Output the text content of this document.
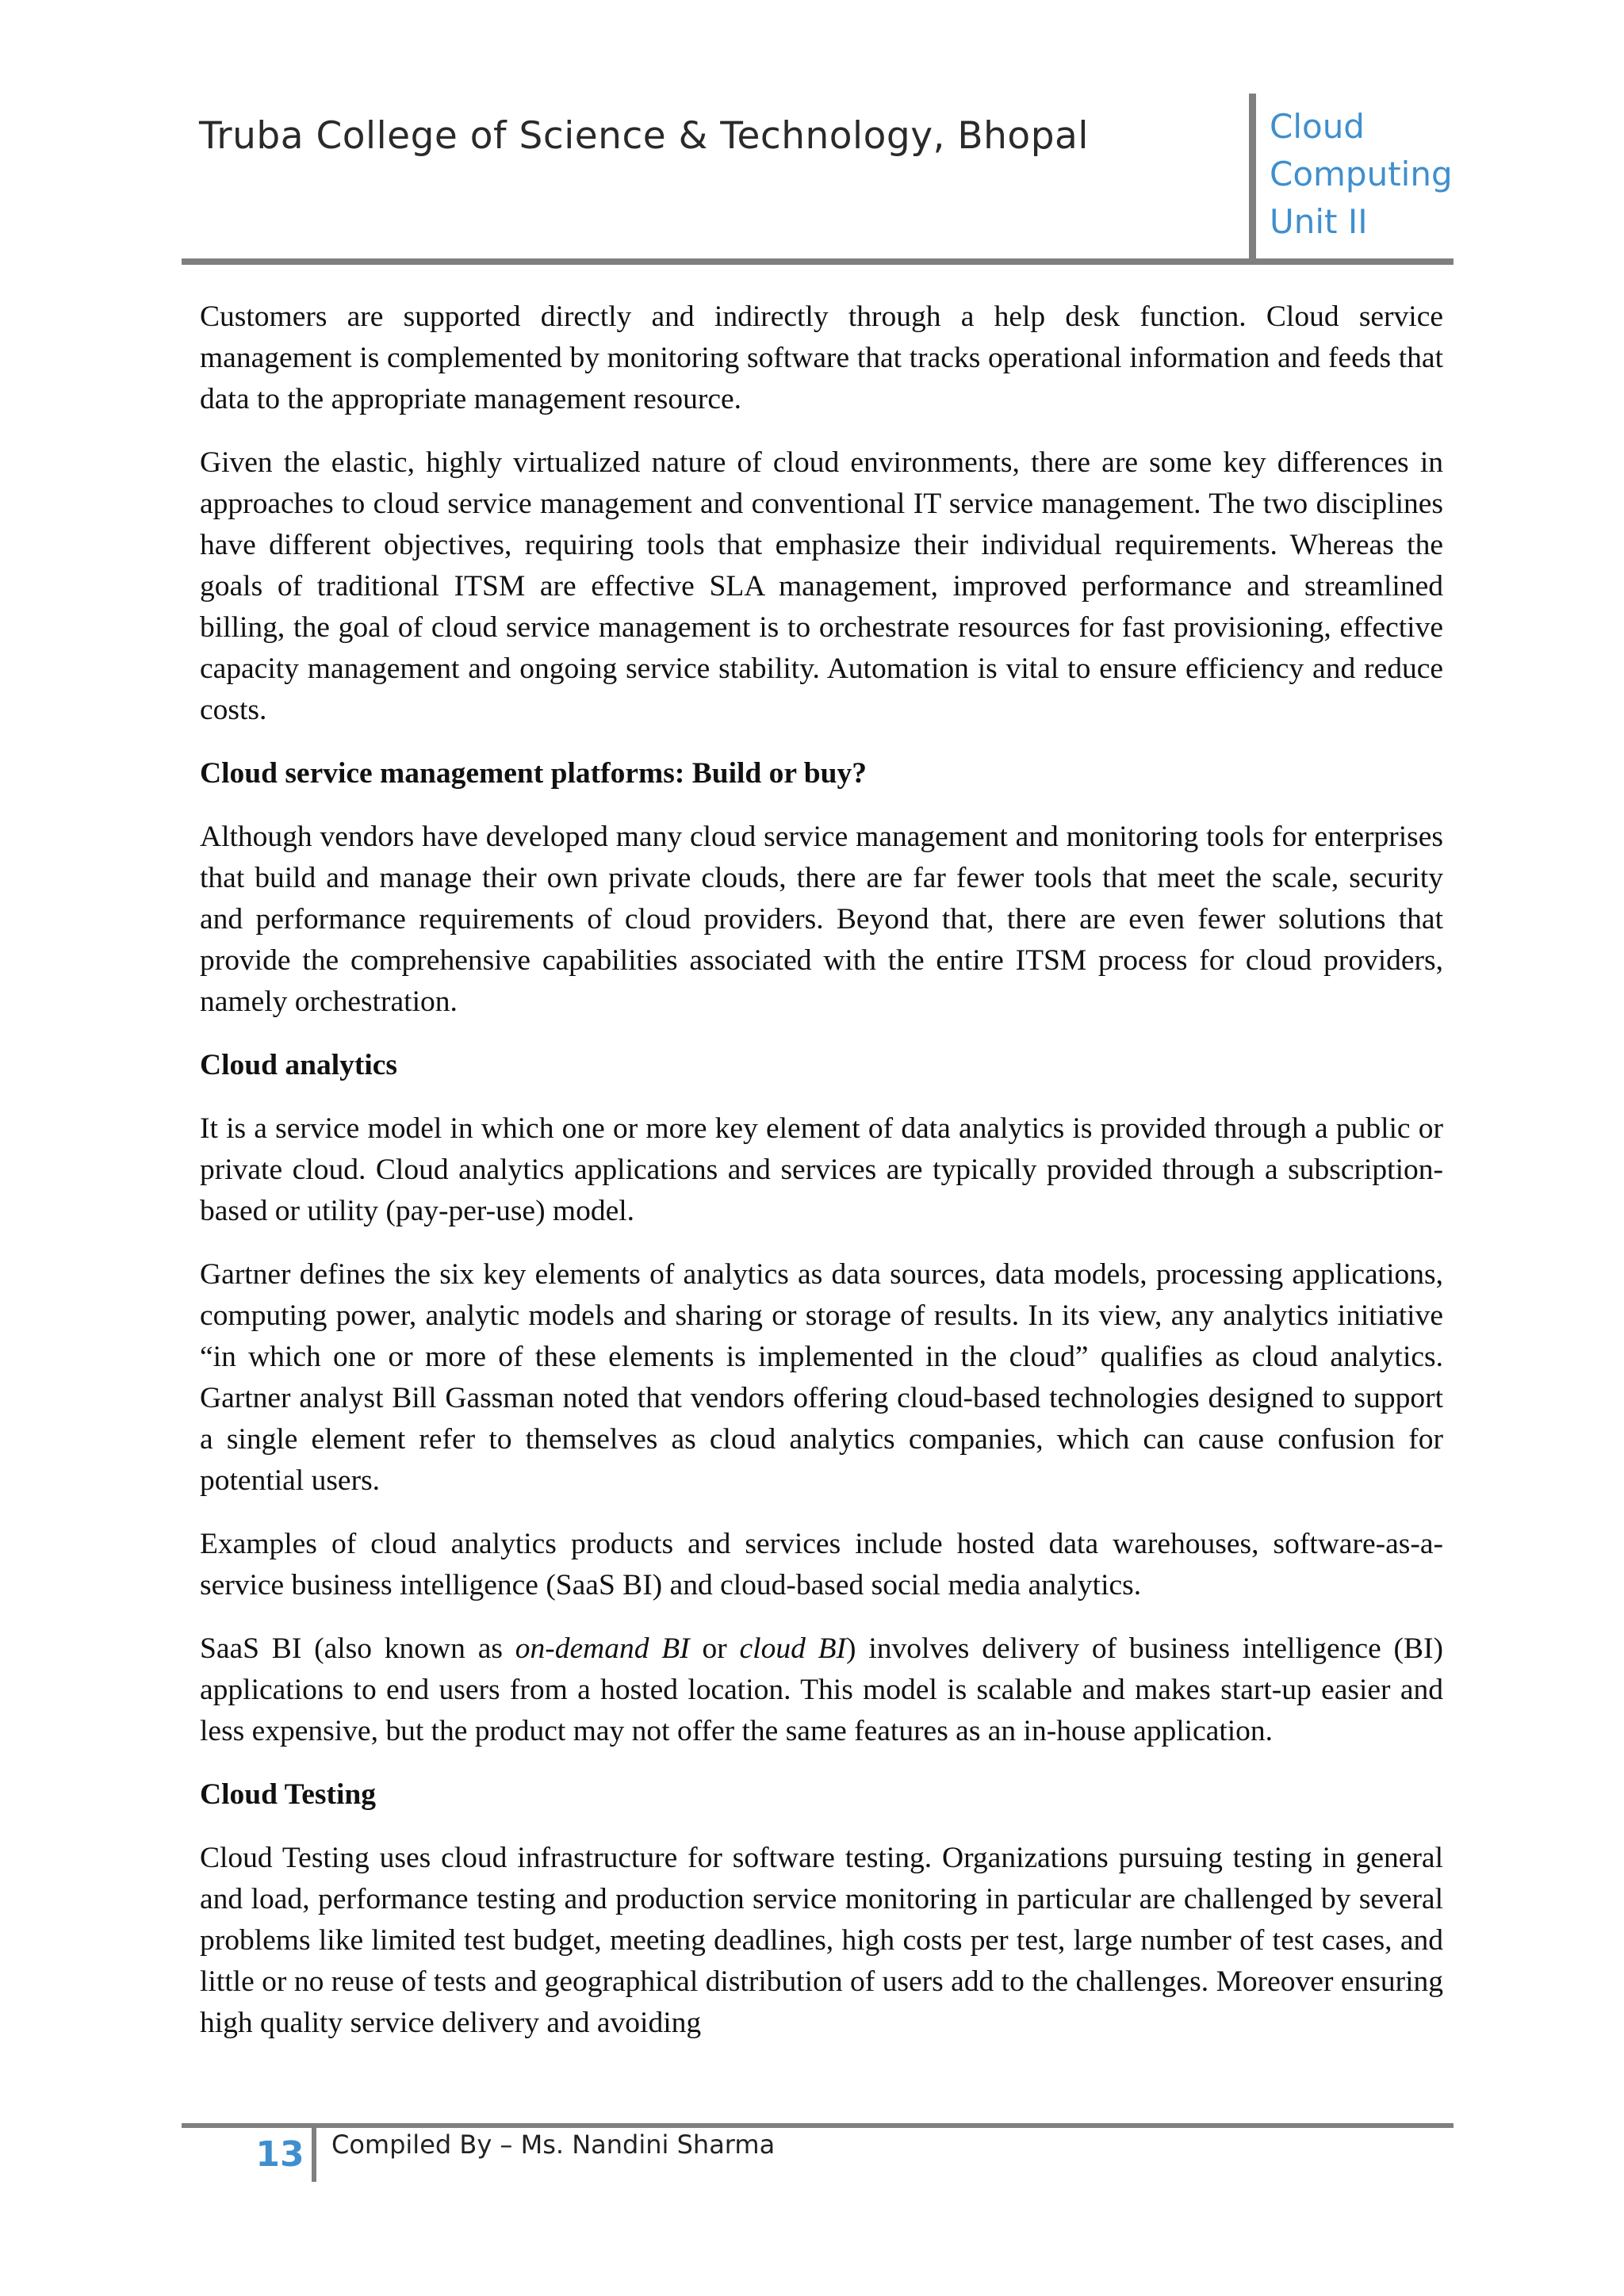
Truba College of Science & Technology, Bhopal	Cloud
Computing
Unit II

Customers are supported directly and indirectly through a help desk function. Cloud service management is complemented by monitoring software that tracks operational information and feeds that data to the appropriate management resource.

Given the elastic, highly virtualized nature of cloud environments, there are some key differences in approaches to cloud service management and conventional IT service management. The two disciplines have different objectives, requiring tools that emphasize their individual requirements. Whereas the goals of traditional ITSM are effective SLA management, improved performance and streamlined billing, the goal of cloud service management is to orchestrate resources for fast provisioning, effective capacity management and ongoing service stability. Automation is vital to ensure efficiency and reduce costs.

Cloud service management platforms: Build or buy?

Although vendors have developed many cloud service management and monitoring tools for enterprises that build and manage their own private clouds, there are far fewer tools that meet the scale, security and performance requirements of cloud providers. Beyond that, there are even fewer solutions that provide the comprehensive capabilities associated with the entire ITSM process for cloud providers, namely orchestration.

Cloud analytics

It is a service model in which one or more key element of data analytics is provided through a public or private cloud. Cloud analytics applications and services are typically provided through a subscription-based or utility (pay-per-use) model.

Gartner defines the six key elements of analytics as data sources, data models, processing applications, computing power, analytic models and sharing or storage of results. In its view, any analytics initiative “in which one or more of these elements is implemented in the cloud” qualifies as cloud analytics. Gartner analyst Bill Gassman noted that vendors offering cloud-based technologies designed to support a single element refer to themselves as cloud analytics companies, which can cause confusion for potential users.

Examples of cloud analytics products and services include hosted data warehouses, software-as-a-service business intelligence (SaaS BI) and cloud-based social media analytics.

SaaS BI (also known as on-demand BI or cloud BI) involves delivery of business intelligence (BI) applications to end users from a hosted location. This model is scalable and makes start-up easier and less expensive, but the product may not offer the same features as an in-house application.

Cloud Testing

Cloud Testing uses cloud infrastructure for software testing. Organizations pursuing testing in general and load, performance testing and production service monitoring in particular are challenged by several problems like limited test budget, meeting deadlines, high costs per test, large number of test cases, and little or no reuse of tests and geographical distribution of users add to the challenges. Moreover ensuring high quality service delivery and avoiding

13 Compiled By – Ms. Nandini Sharma
